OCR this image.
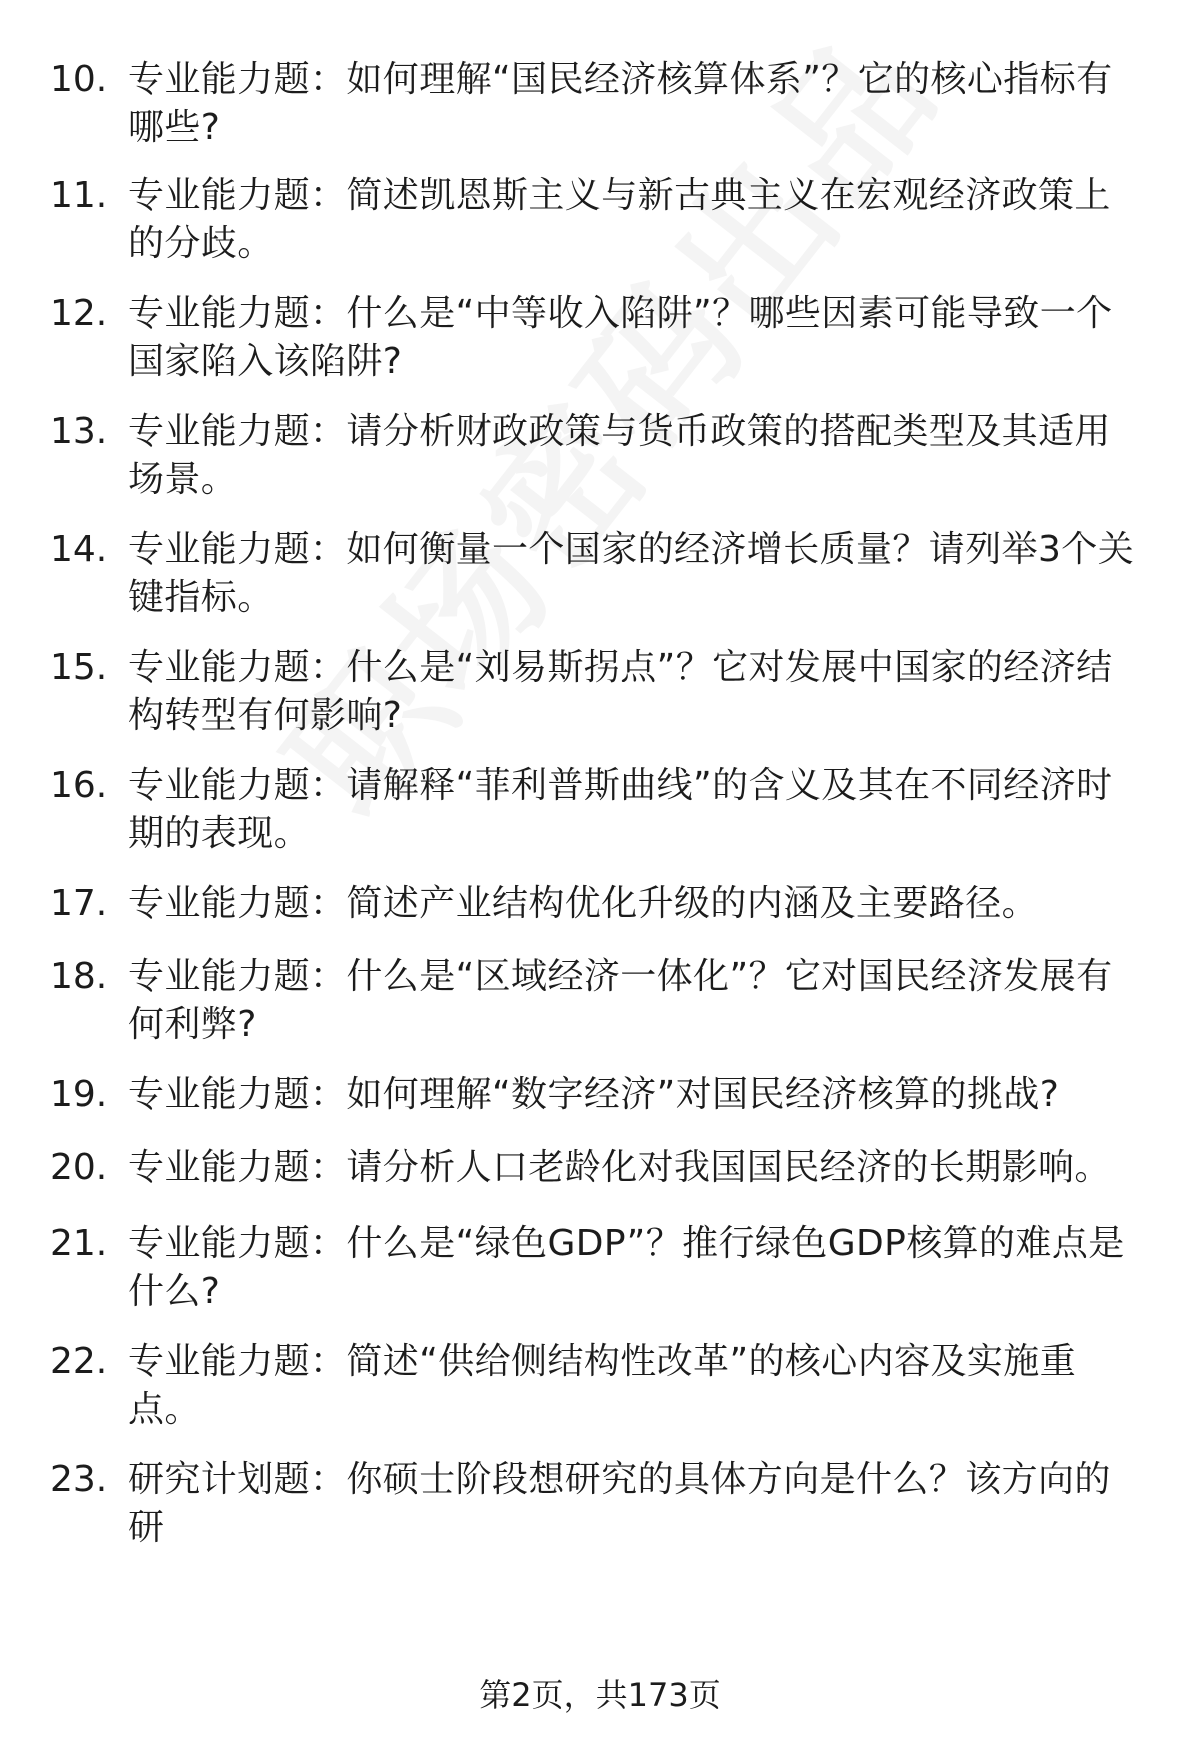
10. 专业能力题：如何理解“国民经济核算体系”？它的核心指标有哪些?
11. 专业能力题：简述凯恩斯主义与新古典主义在宏观经济政策上的分歧。
12. 专业能力题：什么是“中等收入陷阱”？哪些因素可能导致一个国家陷入该陷阱?
13. 专业能力题：请分析财政政策与货币政策的搭配类型及其适用场景。
14. 专业能力题：如何衡量一个国家的经济增长质量？请列举3个关键指标。
15. 专业能力题：什么是“刘易斯拐点”？它对发展中国家的经济结构转型有何影响?
16. 专业能力题：请解释“菲利普斯曲线”的含义及其在不同经济时期的表现。
17. 专业能力题：简述产业结构优化升级的内涵及主要路径。
18. 专业能力题：什么是“区域经济一体化”？它对国民经济发展有何利弊?
19. 专业能力题：如何理解“数字经济”对国民经济核算的挑战?
20. 专业能力题：请分析人口老龄化对我国国民经济的长期影响。
21. 专业能力题：什么是“绿色GDP”？推行绿色GDP核算的难点是什么?
22. 专业能力题：简述“供给侧结构性改革”的核心内容及实施重点。
23. 研究计划题：你硕士阶段想研究的具体方向是什么？该方向的研
第2页，共173页
